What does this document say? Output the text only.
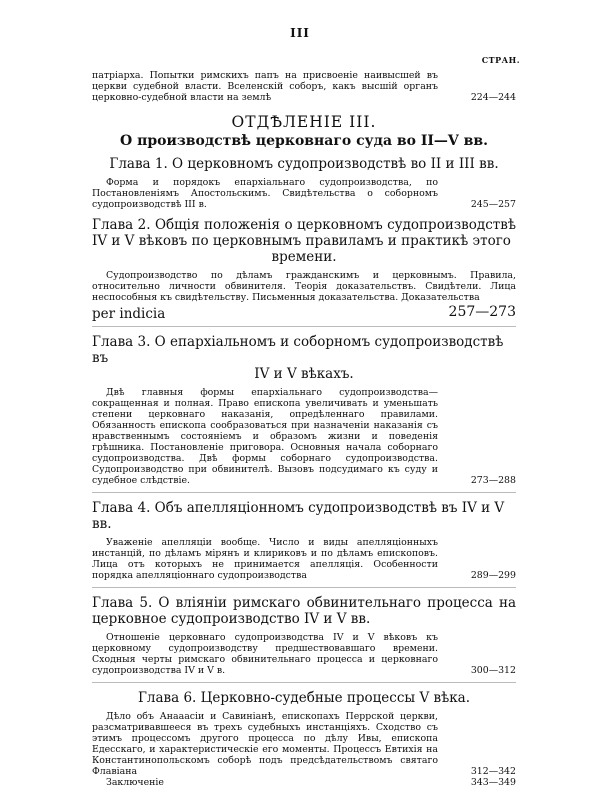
III
СТРАН.

патріарха. Попытки римскихъ папъ на присвоеніе наивысшей въ церкви судебной власти. Вселенскій соборъ, какъ высшій органъ церковно-судебной власти на землѣ	224—244
ОТДѢЛЕНІЕ III.
О производствѣ церковнаго суда во II—V вв.
Глава 1. О церковномъ судопроизводствѣ во II и III вв.

Форма и порядокъ епархіальнаго судопроизводства, по Постановленіямъ Апостольскимъ. Свидѣтельства о соборномъ судопроизводствѣ III в.	245—257
Глава 2. Общія положенія о церковномъ судопроизводствѣ IV и V вѣковъ по церковнымъ правиламъ и практикѣ этого
времени.

Судопроизводство по дѣламъ гражданскимъ и церковнымъ. Правила, относительно личности обвинителя. Теорія доказательствъ. Свидѣтели. Лица неспособныя къ свидѣтельству. Письменныя доказательства. Доказательства

per indicia	257—273
Глава 3. О епархіальномъ и соборномъ судопроизводствѣ въ
IV и V вѣкахъ.

Двѣ главныя формы епархіальнаго судопроизводства—сокращенная и полная. Право епископа увеличивать и уменьшать степени церковнаго наказанія, опредѣленнаго правилами. Обязанность епископа сообразоваться при назначеніи наказанія съ нравственнымъ состояніемъ и образомъ жизни и поведенія грѣшника. Постановленіе приговора. Основныя начала соборнаго судопроизводства. Двѣ формы соборнаго судопроизводства. Судопроизводство при обвинителѣ. Вызовъ подсудимаго къ суду и судебное слѣдствіе.	273—288
Глава 4. Объ апелляціонномъ судопроизводствѣ въ IV и V вв.

Уважeніе апелляціи вообще. Число и виды апелляціонныхъ инстанцій, по дѣламъ мірянъ и клириковъ и по дѣламъ епископовъ. Лица отъ которыхъ не принимается апелляція. Особенности порядка апелляціоннаго судопроизводства	289—299
Глава 5. О вліяніи римскаго обвинительнаго процесса на церковное судопроизводство IV и V вв.

Отношеніе церковнаго судопроизводства IV и V вѣковъ къ церковному судопроизводству предшествовавшаго времени. Сходныя черты римскаго обвинительнаго процесса и церковнаго судопроизводства IV и V в.	300—312
Глава 6. Церковно-судебные процессы V вѣка.

Дѣло объ Анааасіи и Савиніанѣ, епископахъ Перрской церкви, разсматривавшееся въ трехъ судебныхъ инстанціяхъ. Сходство съ этимъ процессомъ другого процесса по дѣлу Ивы, епископа Едесскаго, и характеристическіе его моменты. Процессъ Евтихія на Константинопольскомъ соборѣ подъ предсѣдательствомъ святаго Флавіана	312—342

Заключеніе	343—349
